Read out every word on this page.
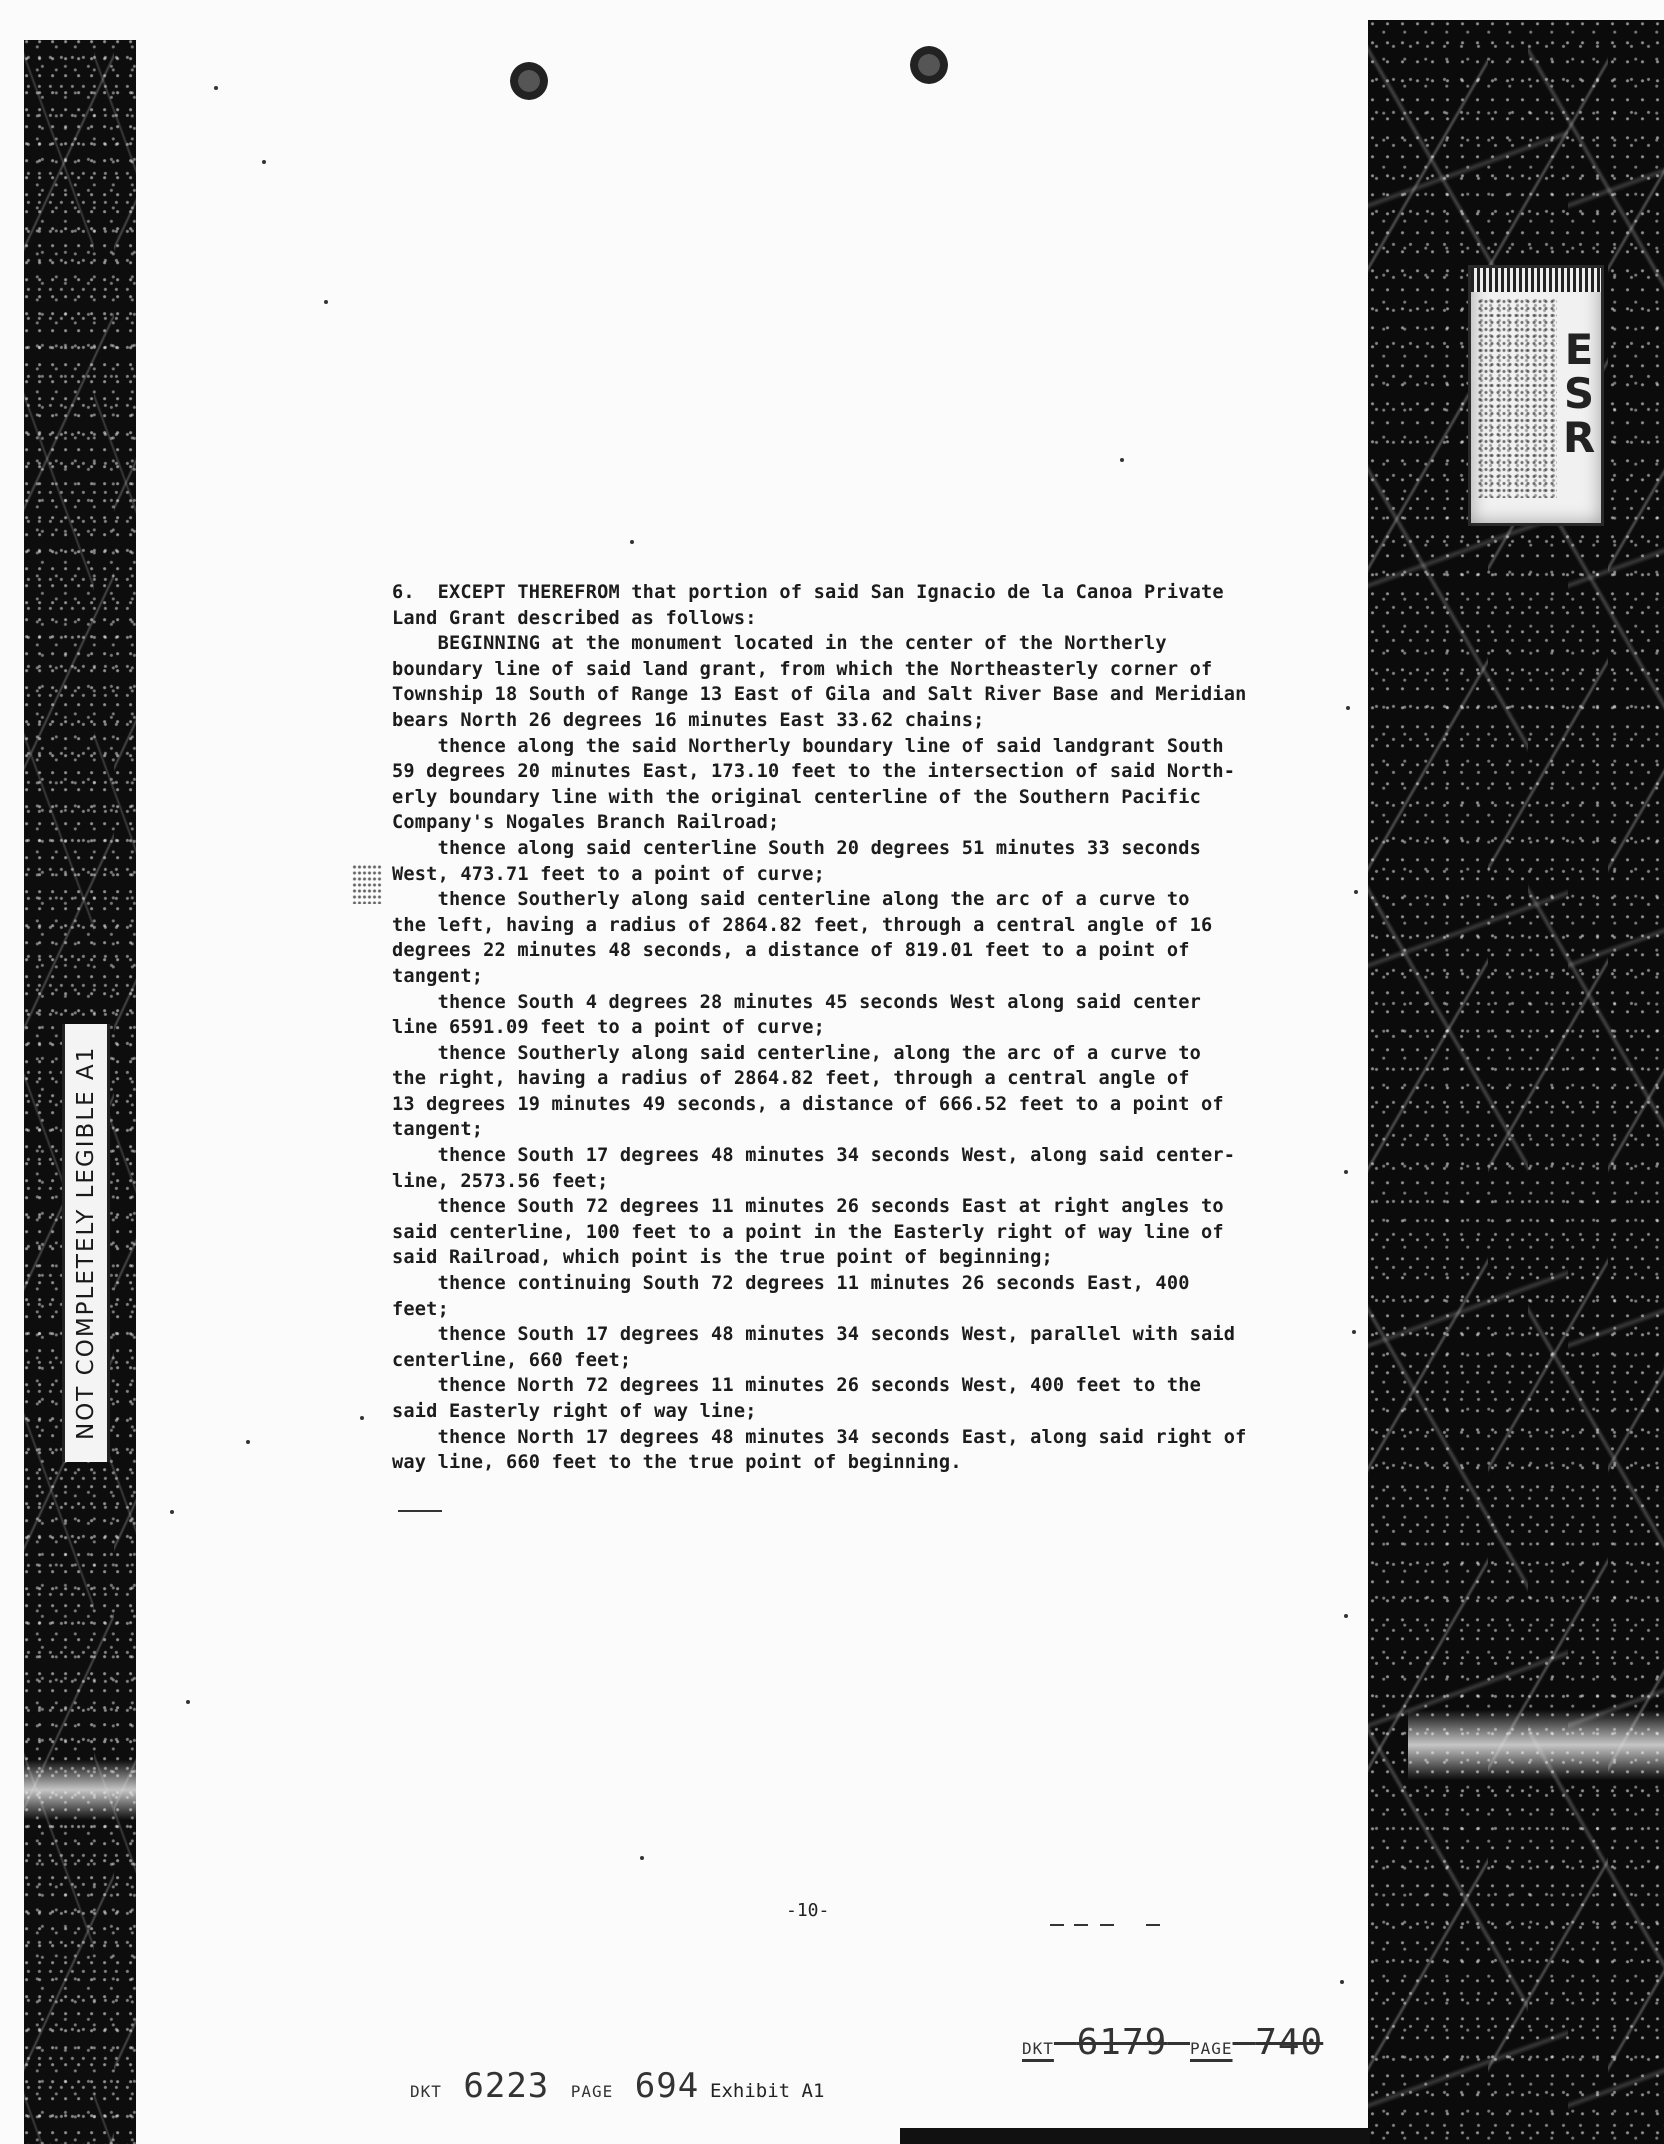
ESR
NOT COMPLETELY LEGIBLE A1

6.  EXCEPT THEREFROM that portion of said San Ignacio de la Canoa Private

Land Grant described as follows:

BEGINNING at the monument located in the center of the Northerly

boundary line of said land grant, from which the Northeasterly corner of

Township 18 South of Range 13 East of Gila and Salt River Base and Meridian

bears North 26 degrees 16 minutes East 33.62 chains;

thence along the said Northerly boundary line of said landgrant South

59 degrees 20 minutes East, 173.10 feet to the intersection of said North-

erly boundary line with the original centerline of the Southern Pacific

Company's Nogales Branch Railroad;

thence along said centerline South 20 degrees 51 minutes 33 seconds

West, 473.71 feet to a point of curve;

thence Southerly along said centerline along the arc of a curve to

the left, having a radius of 2864.82 feet, through a central angle of 16

degrees 22 minutes 48 seconds, a distance of 819.01 feet to a point of

tangent;

thence South 4 degrees 28 minutes 45 seconds West along said center

line 6591.09 feet to a point of curve;

thence Southerly along said centerline, along the arc of a curve to

the right, having a radius of 2864.82 feet, through a central angle of

13 degrees 19 minutes 49 seconds, a distance of 666.52 feet to a point of

tangent;

thence South 17 degrees 48 minutes 34 seconds West, along said center-

line, 2573.56 feet;

thence South 72 degrees 11 minutes 26 seconds East at right angles to

said centerline, 100 feet to a point in the Easterly right of way line of

said Railroad, which point is the true point of beginning;

thence continuing South 72 degrees 11 minutes 26 seconds East, 400

feet;

thence South 17 degrees 48 minutes 34 seconds West, parallel with said

centerline, 660 feet;

thence North 72 degrees 11 minutes 26 seconds West, 400 feet to the

said Easterly right of way line;

thence North 17 degrees 48 minutes 34 seconds East, along said right of

way line, 660 feet to the true point of beginning.

-10-
DKT 6223 PAGE 694 Exhibit A1
DKT 6179 PAGE 740
